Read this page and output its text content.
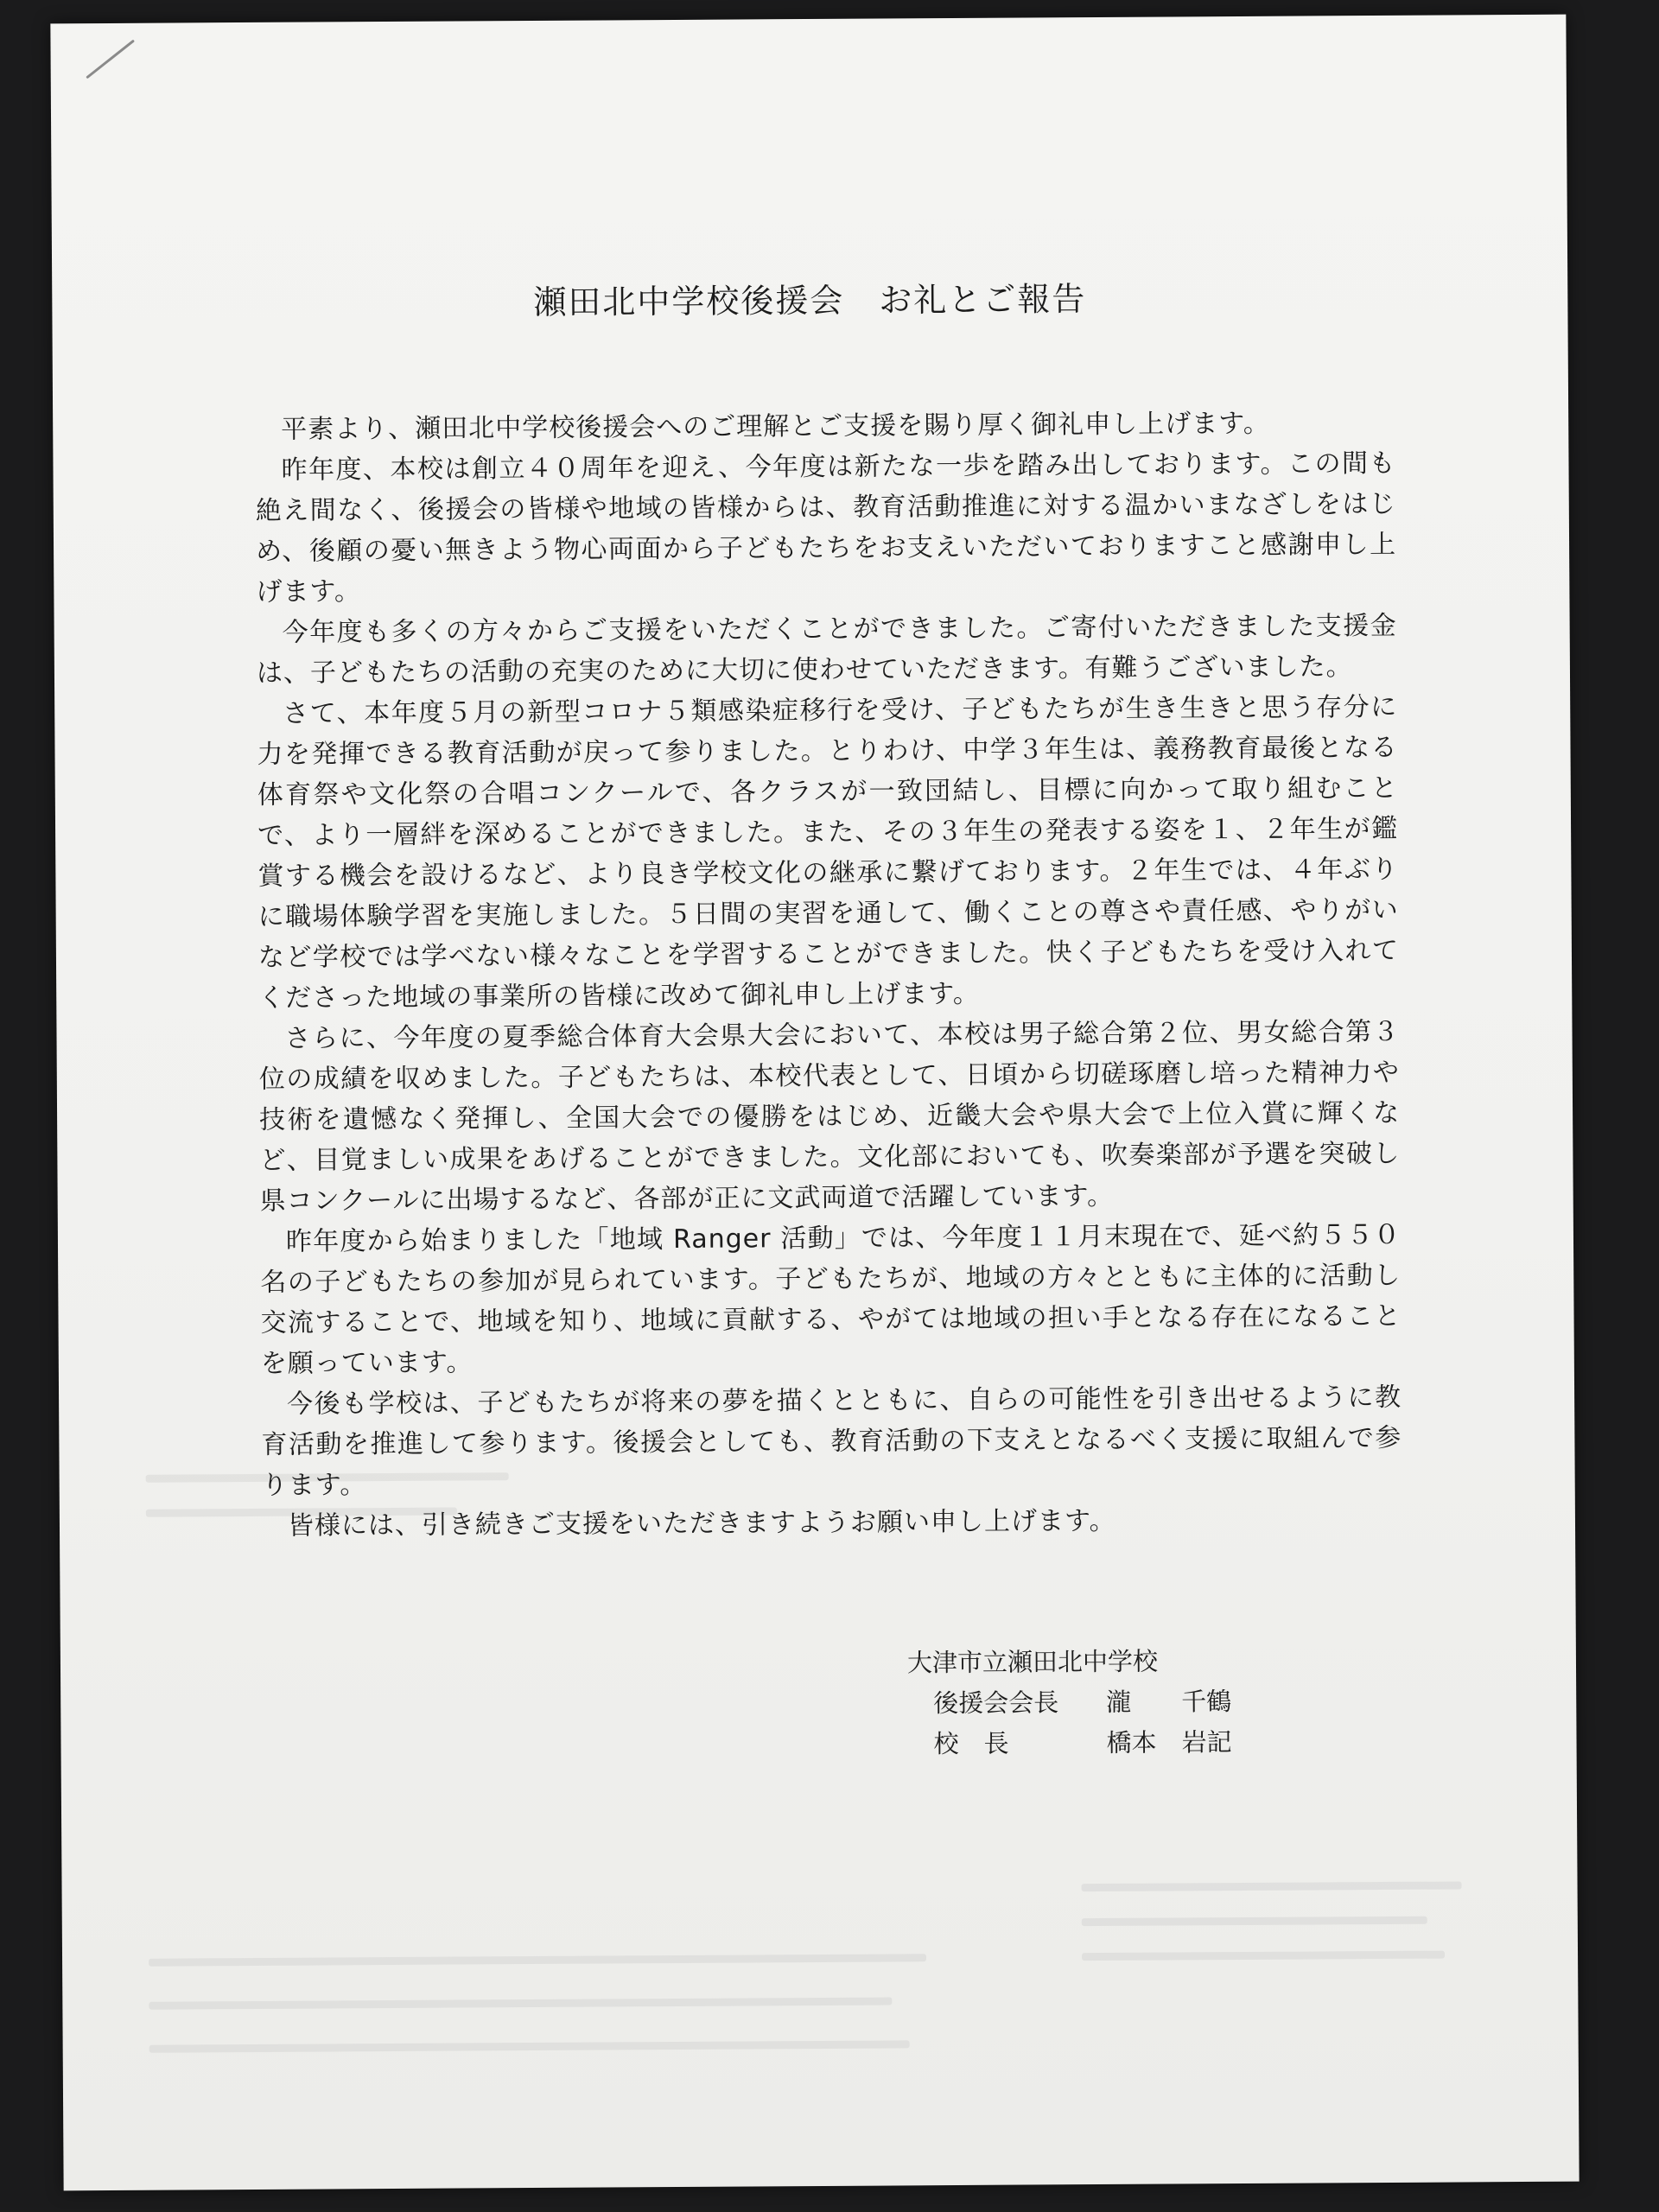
瀬田北中学校後援会　お礼とご報告

平素より、瀬田北中学校後援会へのご理解とご支援を賜り厚く御礼申し上げます。

昨年度、本校は創立４０周年を迎え、今年度は新たな一歩を踏み出しております。この間も絶え間なく、後援会の皆様や地域の皆様からは、教育活動推進に対する温かいまなざしをはじめ、後顧の憂い無きよう物心両面から子どもたちをお支えいただいておりますこと感謝申し上げます。

今年度も多くの方々からご支援をいただくことができました。ご寄付いただきました支援金は、子どもたちの活動の充実のために大切に使わせていただきます。有難うございました。

さて、本年度５月の新型コロナ５類感染症移行を受け、子どもたちが生き生きと思う存分に力を発揮できる教育活動が戻って参りました。とりわけ、中学３年生は、義務教育最後となる体育祭や文化祭の合唱コンクールで、各クラスが一致団結し、目標に向かって取り組むことで、より一層絆を深めることができました。また、その３年生の発表する姿を１、２年生が鑑賞する機会を設けるなど、より良き学校文化の継承に繋げております。２年生では、４年ぶりに職場体験学習を実施しました。５日間の実習を通して、働くことの尊さや責任感、やりがいなど学校では学べない様々なことを学習することができました。快く子どもたちを受け入れてくださった地域の事業所の皆様に改めて御礼申し上げます。

さらに、今年度の夏季総合体育大会県大会において、本校は男子総合第２位、男女総合第３位の成績を収めました。子どもたちは、本校代表として、日頃から切磋琢磨し培った精神力や技術を遺憾なく発揮し、全国大会での優勝をはじめ、近畿大会や県大会で上位入賞に輝くなど、目覚ましい成果をあげることができました。文化部においても、吹奏楽部が予選を突破し県コンクールに出場するなど、各部が正に文武両道で活躍しています。

昨年度から始まりました「地域 Ranger 活動」では、今年度１１月末現在で、延べ約５５０名の子どもたちの参加が見られています。子どもたちが、地域の方々とともに主体的に活動し交流することで、地域を知り、地域に貢献する、やがては地域の担い手となる存在になることを願っています。

今後も学校は、子どもたちが将来の夢を描くとともに、自らの可能性を引き出せるように教育活動を推進して参ります。後援会としても、教育活動の下支えとなるべく支援に取組んで参ります。

皆様には、引き続きご支援をいただきますようお願い申し上げます。

大津市立瀬田北中学校
後援会会長	瀧　　千鶴
校　長	橋本　岩記
